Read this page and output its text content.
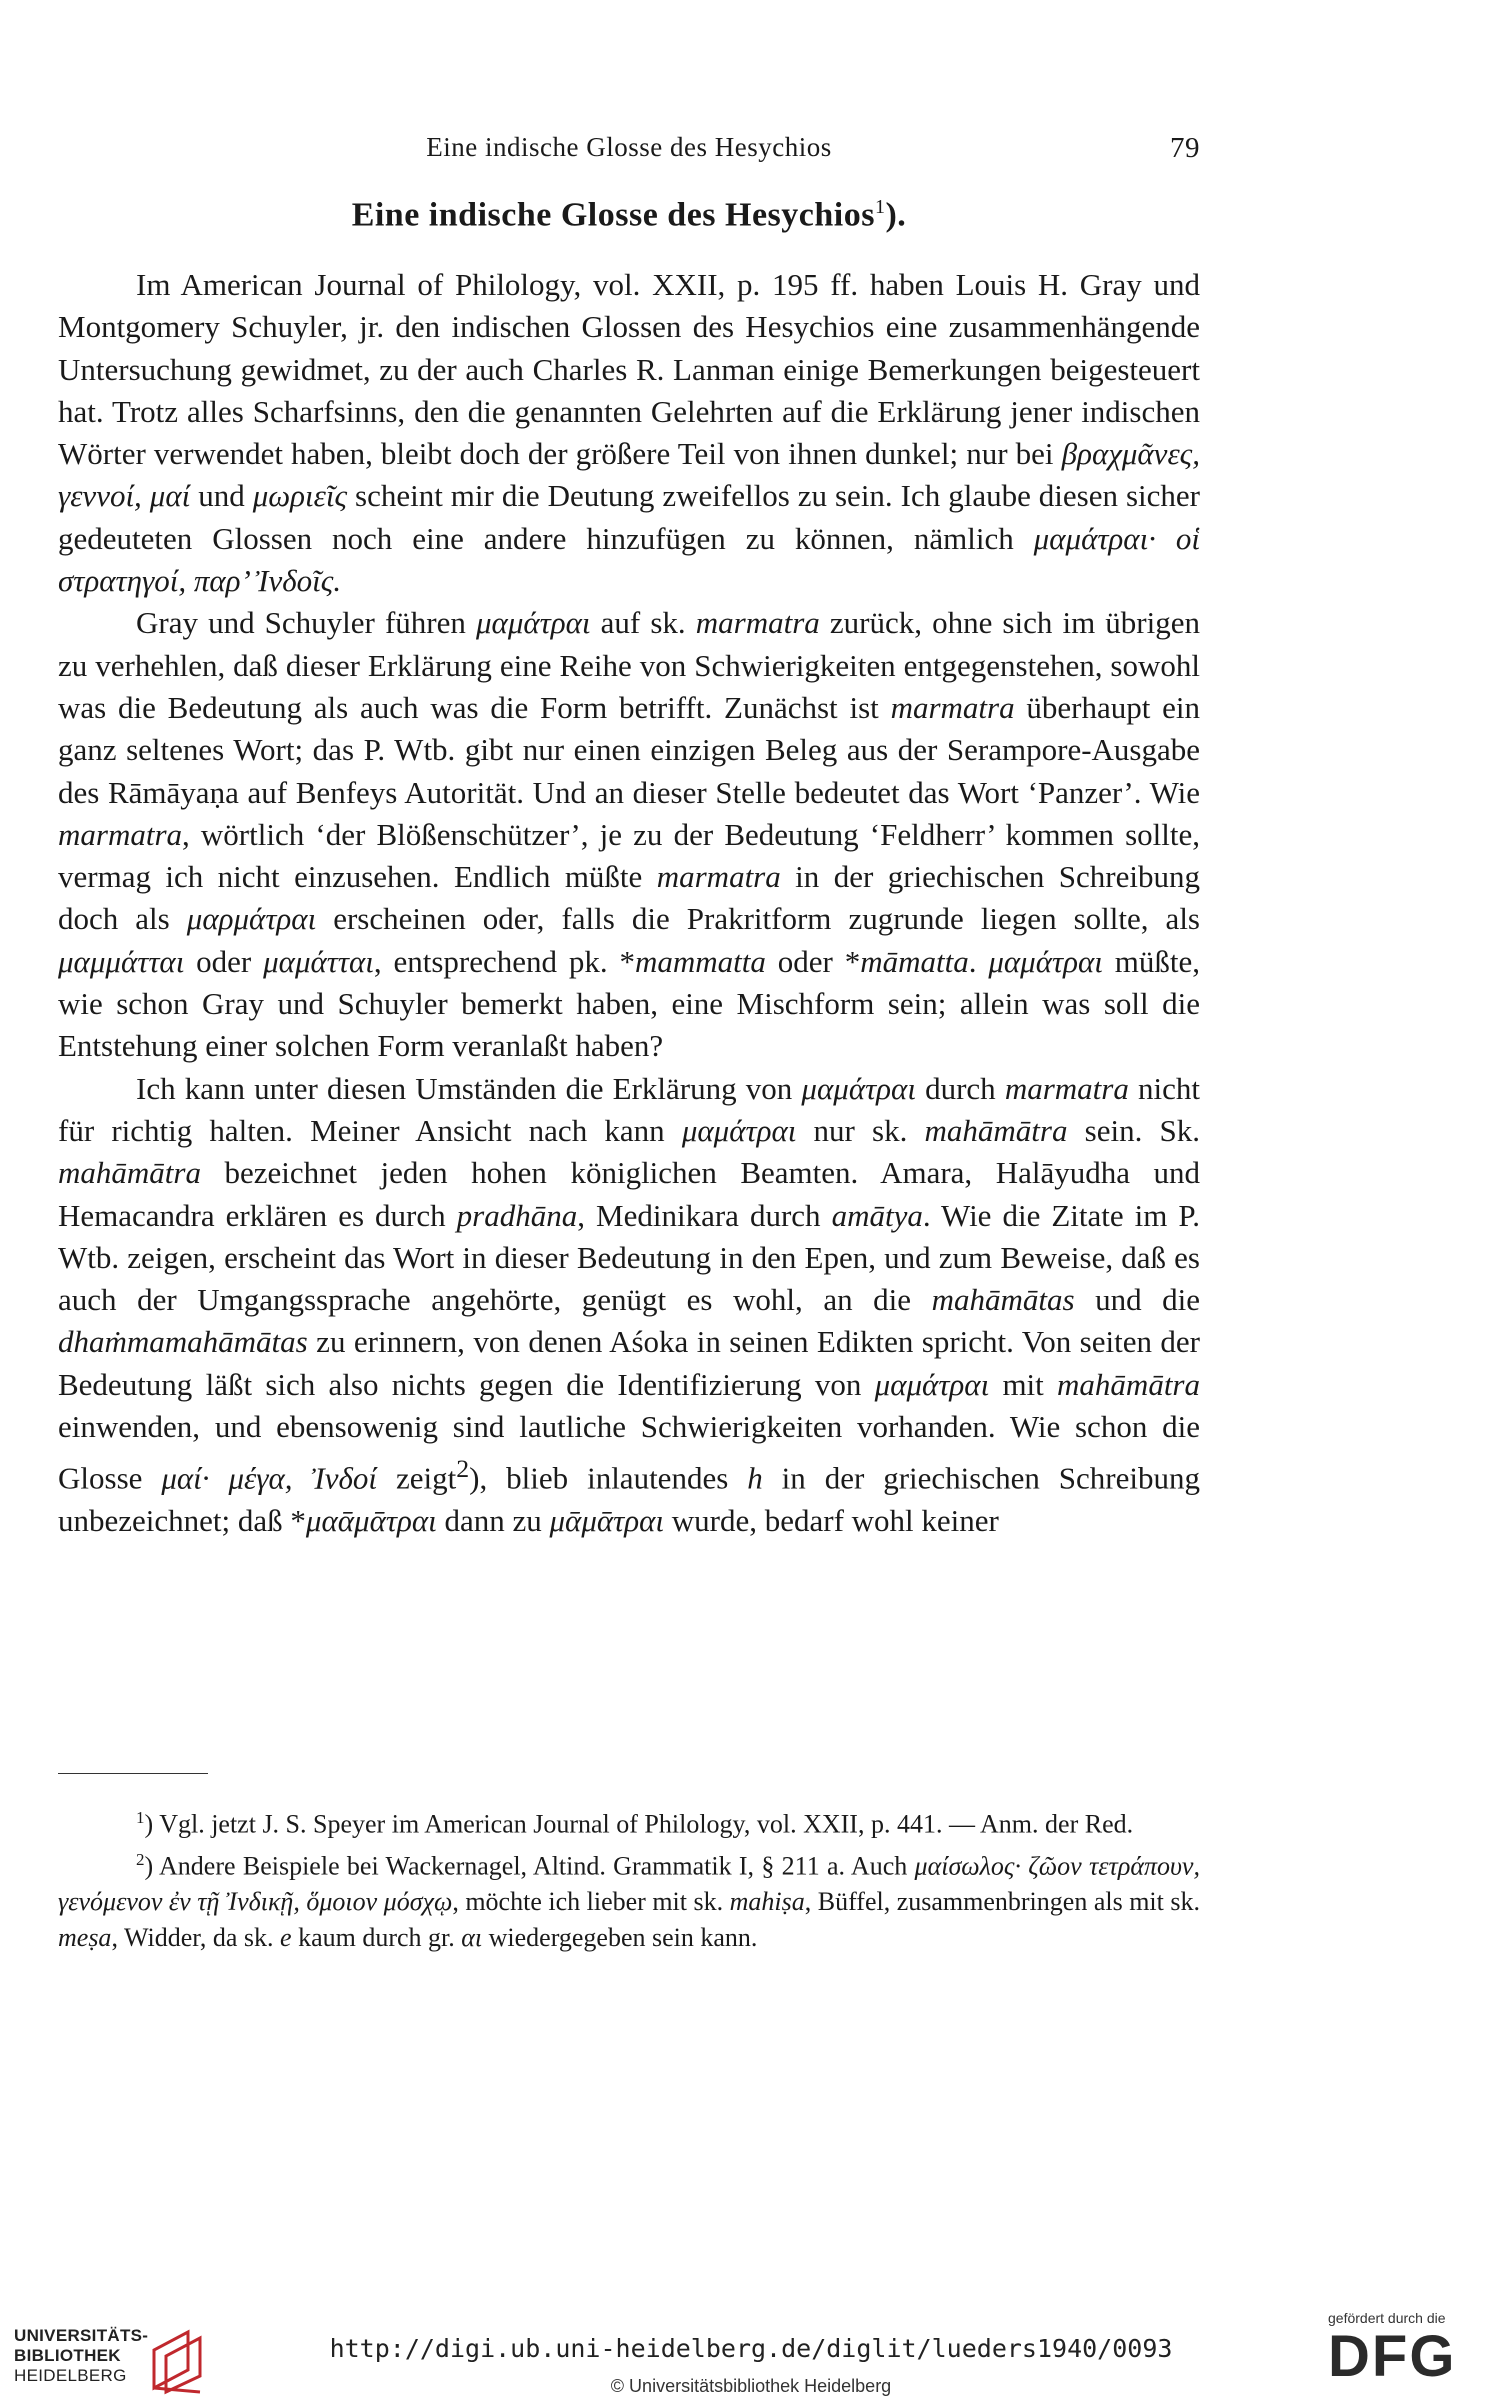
Eine indische Glosse des Hesychios	79
Eine indische Glosse des Hesychios$^1$).

Im American Journal of Philology, vol. XXII, p. 195 ff. haben Louis H. Gray und Montgomery Schuyler, jr. den indischen Glossen des Hesychios eine zusammenhängende Untersuchung gewidmet, zu der auch Charles R. Lanman einige Bemerkungen beigesteuert hat. Trotz alles Scharfsinns, den die genannten Gelehrten auf die Erklärung jener indischen Wörter verwendet haben, bleibt doch der größere Teil von ihnen dunkel; nur bei βραχμᾶνες, γεννοί, μαί und μωριεῖς scheint mir die Deutung zweifellos zu sein. Ich glaube diesen sicher gedeuteten Glossen noch eine andere hinzufügen zu können, nämlich μαμάτραι· οἱ στρατηγοί, παρ’ Ἰνδοῖς.

Gray und Schuyler führen μαμάτραι auf sk. marmatra zurück, ohne sich im übrigen zu verhehlen, daß dieser Erklärung eine Reihe von Schwierigkeiten entgegenstehen, sowohl was die Bedeutung als auch was die Form betrifft. Zunächst ist marmatra überhaupt ein ganz seltenes Wort; das P. Wtb. gibt nur einen einzigen Beleg aus der Serampore-Ausgabe des Rāmāyaṇa auf Benfeys Autorität. Und an dieser Stelle bedeutet das Wort ‘Panzer’. Wie marmatra, wörtlich ‘der Blößenschützer’, je zu der Bedeutung ‘Feldherr’ kommen sollte, vermag ich nicht einzusehen. Endlich müßte marmatra in der griechischen Schreibung doch als μαρμάτραι erscheinen oder, falls die Prakritform zugrunde liegen sollte, als μαμμάτται oder μαμάτται, entsprechend pk. *mammatta oder *māmatta. μαμάτραι müßte, wie schon Gray und Schuyler bemerkt haben, eine Mischform sein; allein was soll die Entstehung einer solchen Form veranlaßt haben?

Ich kann unter diesen Umständen die Erklärung von μαμάτραι durch marmatra nicht für richtig halten. Meiner Ansicht nach kann μαμάτραι nur sk. mahāmātra sein. Sk. mahāmātra bezeichnet jeden hohen königlichen Beamten. Amara, Halāyudha und Hemacandra erklären es durch pradhāna, Medinikara durch amātya. Wie die Zitate im P. Wtb. zeigen, erscheint das Wort in dieser Bedeutung in den Epen, und zum Beweise, daß es auch der Umgangssprache angehörte, genügt es wohl, an die mahāmātas und die dhaṁmamahāmātas zu erinnern, von denen Aśoka in seinen Edikten spricht. Von seiten der Bedeutung läßt sich also nichts gegen die Identifizierung von μαμάτραι mit mahāmātra einwenden, und ebensowenig sind lautliche Schwierigkeiten vorhanden. Wie schon die Glosse μαί· μέγα, Ἰνδοί zeigt$^2$), blieb inlautendes h in der griechischen Schreibung unbezeichnet; daß *μαᾱμᾱτραι dann zu μᾱμᾱτραι wurde, bedarf wohl keiner

$^1$) Vgl. jetzt J. S. Speyer im American Journal of Philology, vol. XXII, p. 441. — Anm. der Red.

$^2$) Andere Beispiele bei Wackernagel, Altind. Grammatik I, § 211 a. Auch μαίσωλος· ζῶον τετράπουν, γενόμενον ἐν τῇ Ἰνδικῇ, ὅμοιον μόσχῳ, möchte ich lieber mit sk. mahiṣa, Büffel, zusammenbringen als mit sk. meṣa, Widder, da sk. e kaum durch gr. αι wiedergegeben sein kann.

UNIVERSITÄTS-
BIBLIOTHEK
HEIDELBERG
http://digi.ub.uni-heidelberg.de/diglit/lueders1940/0093
© Universitätsbibliothek Heidelberg
gefördert durch die
DFG
